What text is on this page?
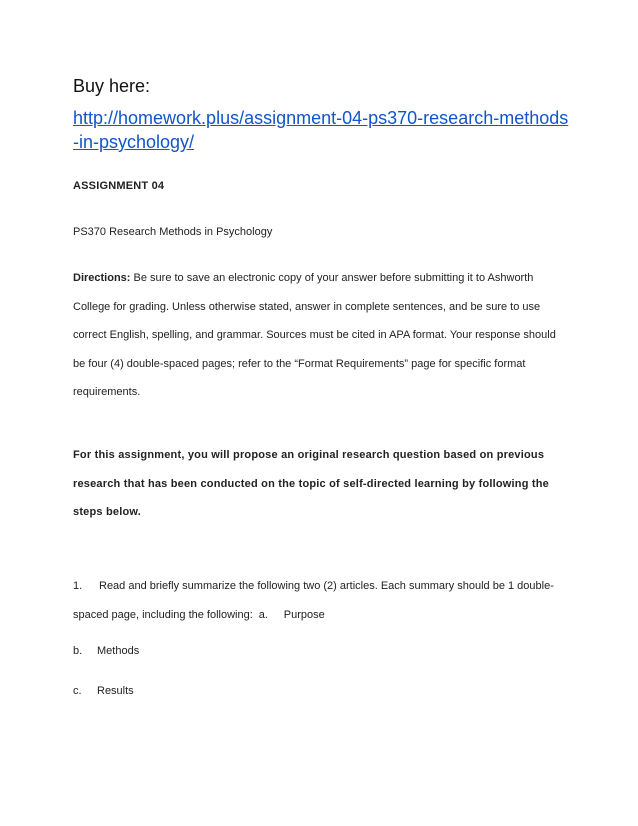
Buy here:

http://homework.plus/assignment-04-ps370-research-methods-in-psychology/

ASSIGNMENT 04

PS370 Research Methods in Psychology

Directions: Be sure to save an electronic copy of your answer before submitting it to Ashworth College for grading. Unless otherwise stated, answer in complete sentences, and be sure to use correct English, spelling, and grammar. Sources must be cited in APA format. Your response should be four (4) double-spaced pages; refer to the “Format Requirements” page for specific format requirements.

For this assignment, you will propose an original research question based on previous research that has been conducted on the topic of self-directed learning by following the steps below.

1. Read and briefly summarize the following two (2) articles. Each summary should be 1 double-spaced page, including the following: a. Purpose

b. Methods

c. Results
